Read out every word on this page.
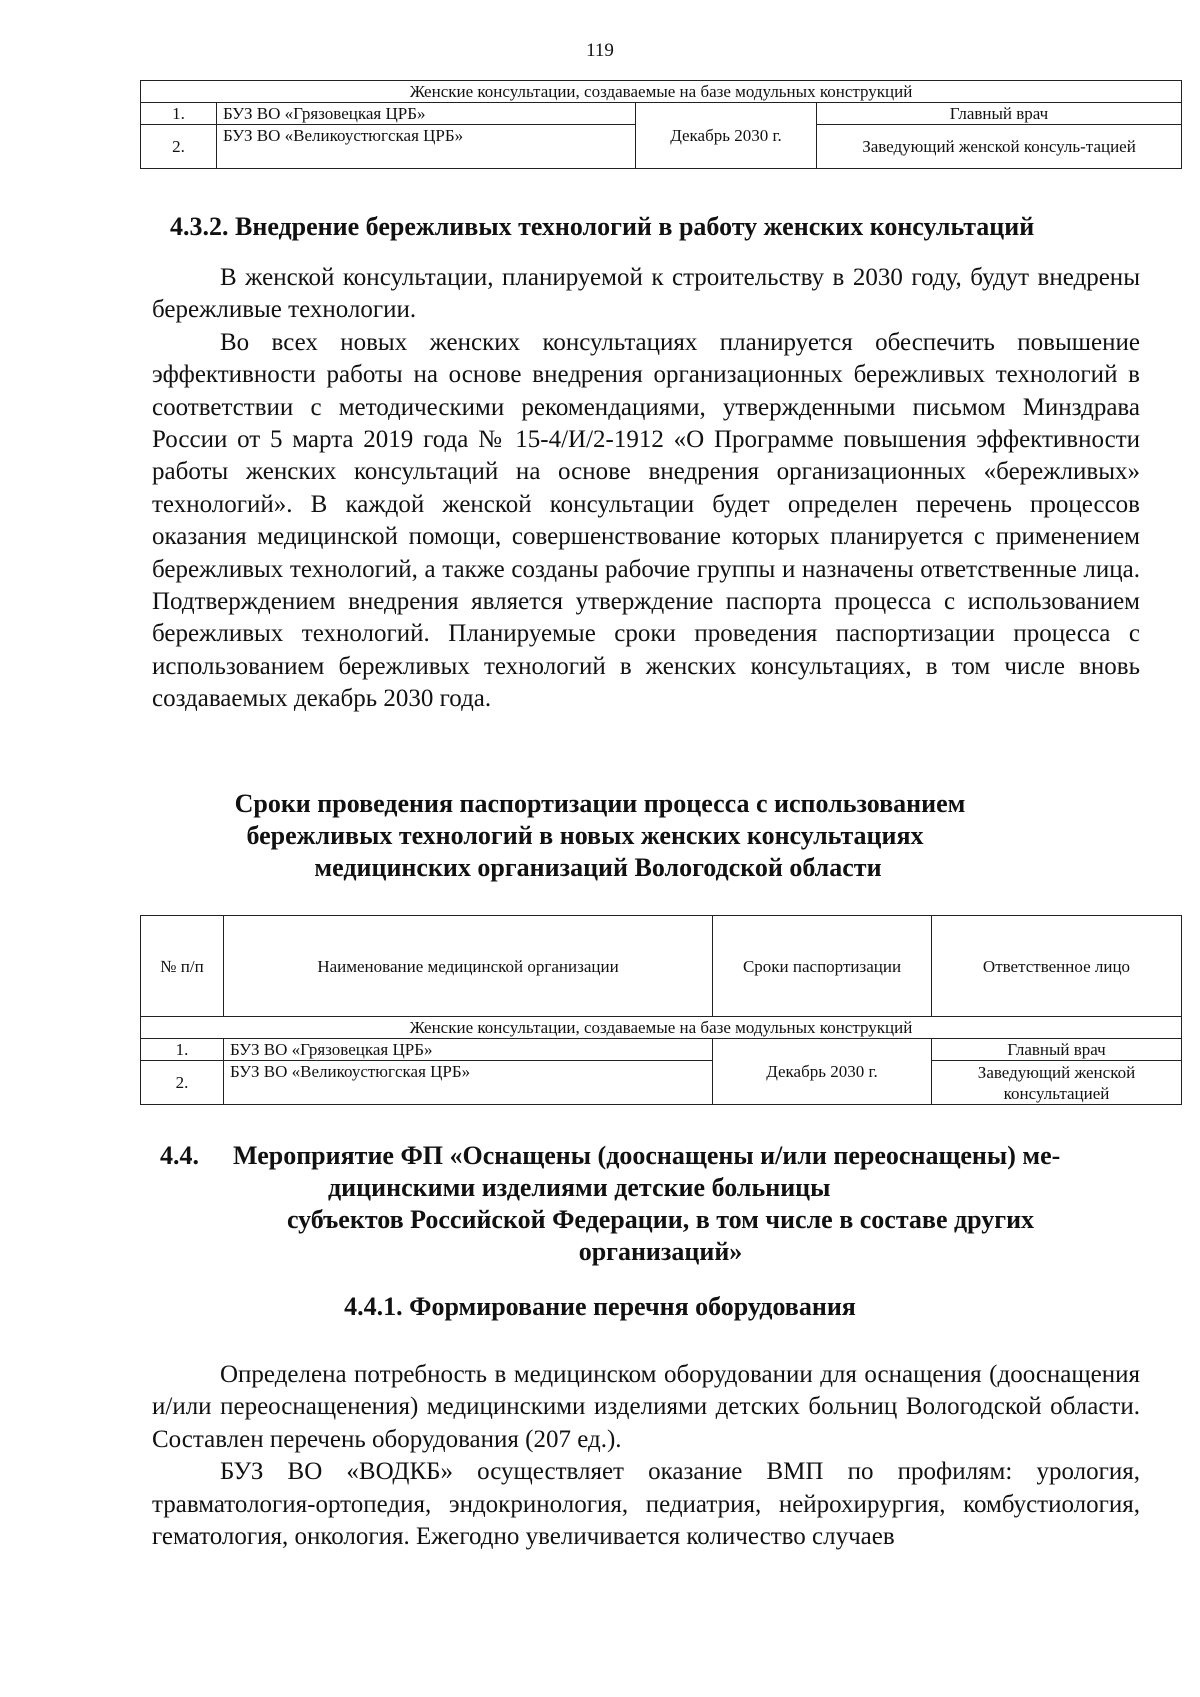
119
Женские консультации, создаваемые на базе модульных конструкций			
1.	БУЗ ВО «Грязовецкая ЦРБ»	Декабрь 2030 г.	Главный врач
2.	БУЗ ВО «Великоустюгская ЦРБ»		Заведующий женской консуль-тацией
4.3.2. Внедрение бережливых технологий в работу женских консультаций

В женской консультации, планируемой к строительству в 2030 году, будут внедрены бережливые технологии.

Во всех новых женских консультациях планируется обеспечить повышение эффективности работы на основе внедрения организационных бережливых технологий в соответствии с методическими рекомендациями, утвержденными письмом Минздрава России от 5 марта 2019 года № 15-4/И/2-1912 «О Программе повышения эффективности работы женских консультаций на основе внедрения организационных «бережливых» технологий». В каждой женской консультации будет определен перечень процессов оказания медицинской помощи, совершенствование которых планируется с применением бережливых технологий, а также созданы рабочие группы и назначены ответственные лица. Подтверждением внедрения является утверждение паспорта процесса с использованием бережливых технологий. Планируемые сроки проведения паспортизации процесса с использованием бережливых технологий в женских консультациях, в том числе вновь создаваемых декабрь 2030 года.

Сроки проведения паспортизации процесса с использованием
бережливых технологий в новых женских консультациях
медицинских организаций Вологодской области
№ п/п	Наименование медицинской организации	Сроки паспортизации	Ответственное лицо
Женские консультации, создаваемые на базе модульных конструкций			
1.	БУЗ ВО «Грязовецкая ЦРБ»	Декабрь 2030 г.	Главный врач
2.	БУЗ ВО «Великоустюгская ЦРБ»		Заведующий женской консультацией
4.4. Мероприятие ФП «Оснащены (дооснащены и/или переоснащены) ме-
дицинскими изделиями детские больницы
субъектов Российской Федерации, в том числе в составе других
организаций»
4.4.1. Формирование перечня оборудования

Определена потребность в медицинском оборудовании для оснащения (дооснащения и/или переоснащенения) медицинскими изделиями детских больниц Вологодской области. Составлен перечень оборудования (207 ед.).

БУЗ ВО «ВОДКБ» осуществляет оказание ВМП по профилям: урология, травматология-ортопедия, эндокринология, педиатрия, нейрохирургия, комбустиология, гематология, онкология. Ежегодно увеличивается количество случаев
